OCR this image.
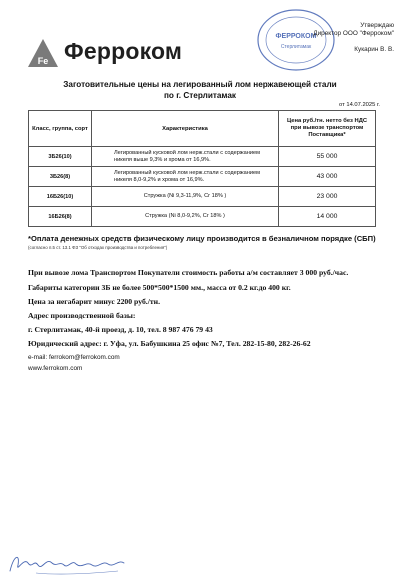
Fe Ферроком
ФЕРРОКОМ
Стерлитамак
Утверждаю
Директор ООО "Ферроком"
Кукарин В. В.
Заготовительные цены на легированный лом нержавеющей стали
по г. Стерлитамак
от 14.07.2025 г.
Класс, группа, сорт	Характеристика	Цена руб./тн. нетто без НДС при вывозе транспортом Поставщика*
3Б26(10)	Легированный кусковой лом нерж.стали с содержанием никеля выше 9,3% и хрома от 16,9%.	55 000
3Б26(8)	Легированный кусковой лом нерж.стали с содержанием никеля 8,0-9,2% и хрома от 16,9%.	43 000
16Б26(10)	Стружка (Ni 9,3-11,9%, Cr 18% )	23 000
16Б26(8)	Стружка (Ni 8,0-9,2%, Cr 18% )	14 000
*Оплата денежных средств физическому лицу производится в безналичном порядке (СБП)
(согласно п.5 ст. 13.1 ФЗ "Об отходах производства и потребления")
При вывозе лома Транспортом Покупатели стоимость работы а/м составляет 3 000 руб./час.
Габариты категории 3Б не более 500*500*1500 мм., масса от 0.2 кг.до 400 кг.
Цена за негабарит минус 2200 руб./тн.
Адрес производственной базы:
г. Стерлитамак, 40-й проезд, д. 10, тел. 8 987 476 79 43
Юридический адрес: г. Уфа, ул. Бабушкина 25 офис №7, Тел. 282-15-80, 282-26-62
e-mail: ferrokom@ferrokom.com
www.ferrokom.com
